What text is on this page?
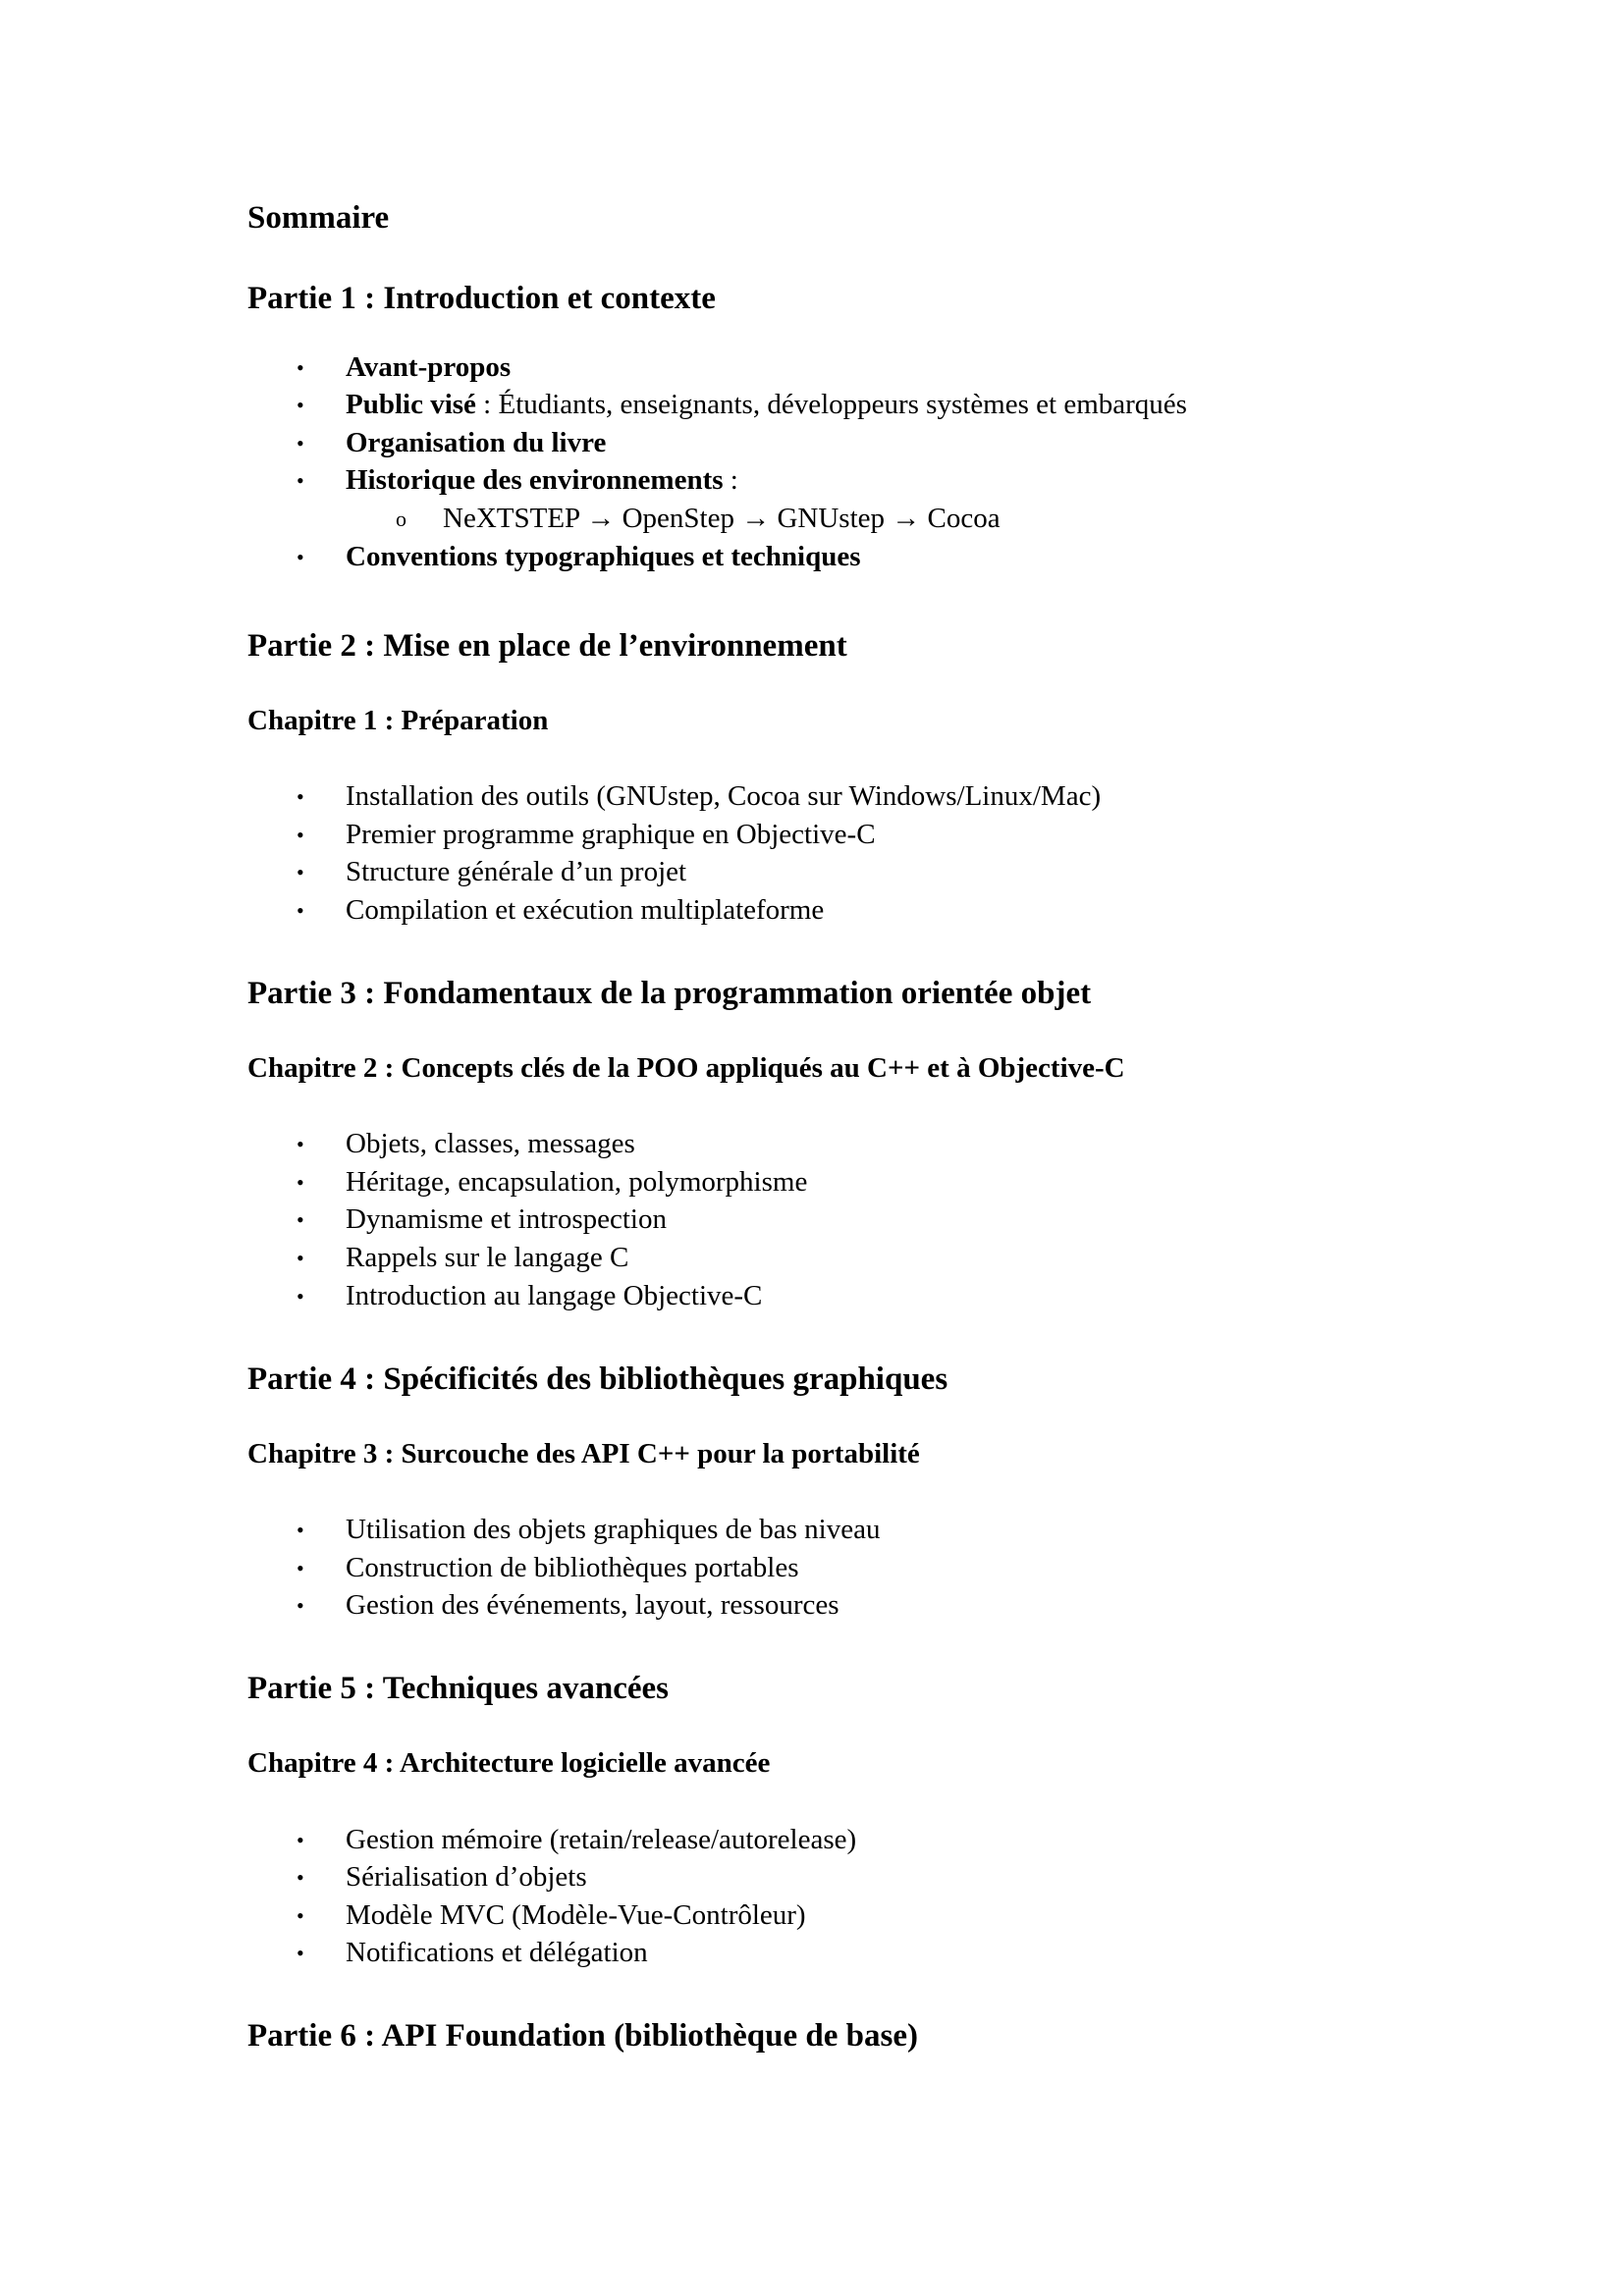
Sommaire
Partie 1 : Introduction et contexte
• Avant-propos
• Public visé : Étudiants, enseignants, développeurs systèmes et embarqués
• Organisation du livre
• Historique des environnements :
o NeXTSTEP → OpenStep → GNUstep → Cocoa
• Conventions typographiques et techniques
Partie 2 : Mise en place de l’environnement
Chapitre 1 : Préparation
• Installation des outils (GNUstep, Cocoa sur Windows/Linux/Mac)
• Premier programme graphique en Objective-C
• Structure générale d’un projet
• Compilation et exécution multiplateforme
Partie 3 : Fondamentaux de la programmation orientée objet
Chapitre 2 : Concepts clés de la POO appliqués au C++ et à Objective-C
• Objets, classes, messages
• Héritage, encapsulation, polymorphisme
• Dynamisme et introspection
• Rappels sur le langage C
• Introduction au langage Objective-C
Partie 4 : Spécificités des bibliothèques graphiques
Chapitre 3 : Surcouche des API C++ pour la portabilité
• Utilisation des objets graphiques de bas niveau
• Construction de bibliothèques portables
• Gestion des événements, layout, ressources
Partie 5 : Techniques avancées
Chapitre 4 : Architecture logicielle avancée
• Gestion mémoire (retain/release/autorelease)
• Sérialisation d’objets
• Modèle MVC (Modèle-Vue-Contrôleur)
• Notifications et délégation
Partie 6 : API Foundation (bibliothèque de base)
